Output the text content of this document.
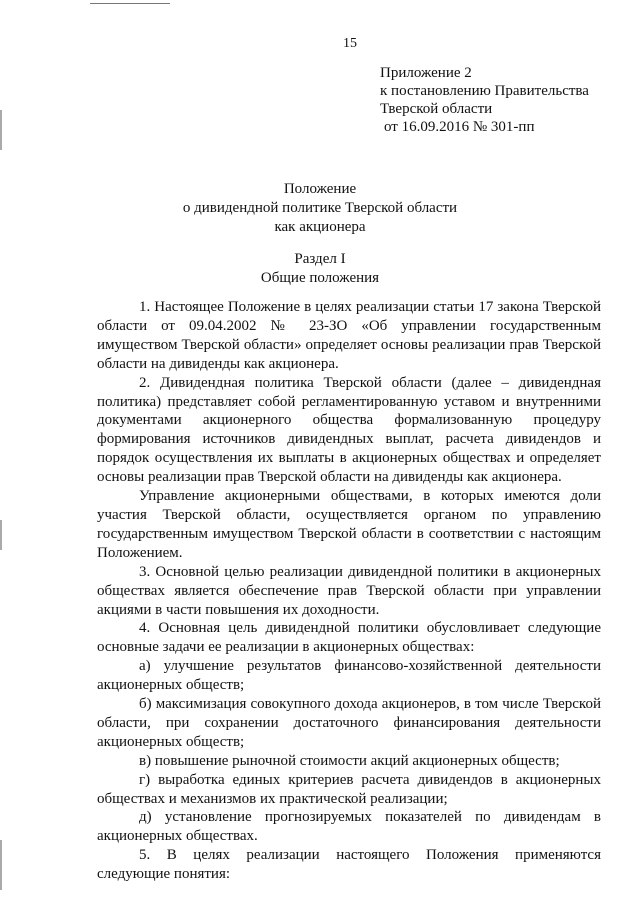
15
Приложение 2
к постановлению Правительства
Тверской области
от 16.09.2016 № 301-пп
Положение
о дивидендной политике Тверской области
как акционера
Раздел I
Общие положения

1. Настоящее Положение в целях реализации статьи 17 закона Тверской области от 09.04.2002 № 23-ЗО «Об управлении государственным имуществом Тверской области» определяет основы реализации прав Тверской области на дивиденды как акционера.

2. Дивидендная политика Тверской области (далее – дивидендная политика) представляет собой регламентированную уставом и внутренними документами акционерного общества формализованную процедуру формирования источников дивидендных выплат, расчета дивидендов и порядок осуществления их выплаты в акционерных обществах и определяет основы реализации прав Тверской области на дивиденды как акционера.

Управление акционерными обществами, в которых имеются доли участия Тверской области, осуществляется органом по управлению государственным имуществом Тверской области в соответствии с настоящим Положением.

3. Основной целью реализации дивидендной политики в акционерных обществах является обеспечение прав Тверской области при управлении акциями в части повышения их доходности.

4. Основная цель дивидендной политики обусловливает следующие основные задачи ее реализации в акционерных обществах:

а) улучшение результатов финансово-хозяйственной деятельности акционерных обществ;

б) максимизация совокупного дохода акционеров, в том числе Тверской области, при сохранении достаточного финансирования деятельности акционерных обществ;

в) повышение рыночной стоимости акций акционерных обществ;

г) выработка единых критериев расчета дивидендов в акционерных обществах и механизмов их практической реализации;

д) установление прогнозируемых показателей по дивидендам в акционерных обществах.

5. В целях реализации настоящего Положения применяются следующие понятия:
